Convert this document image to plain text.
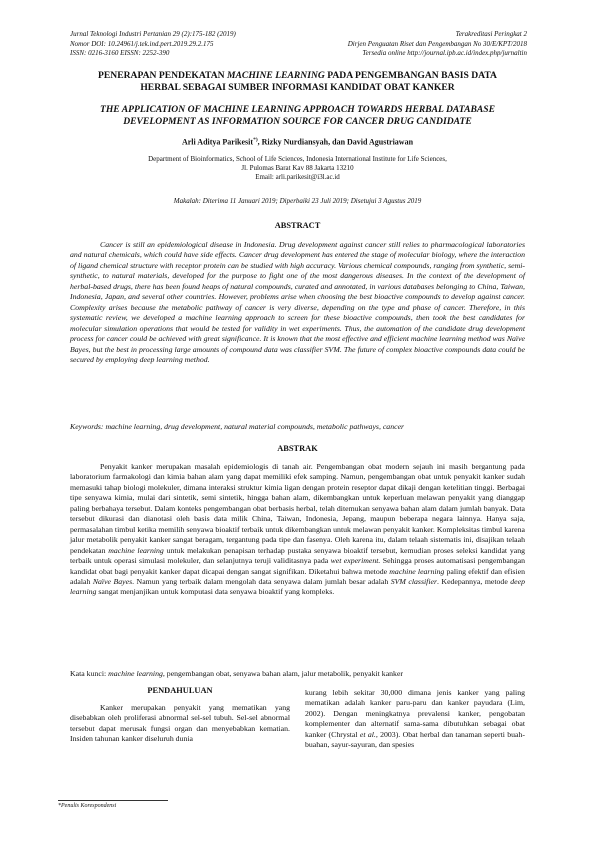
Jurnal Teknologi Industri Pertanian 29 (2):175-182 (2019)
Nomor DOI: 10.24961/j.tek.ind.pert.2019.29.2.175
ISSN: 0216-3160 EISSN: 2252-390
Terakreditasi Peringkat 2
Dirjen Penguatan Riset dan Pengembangan No 30/E/KPT/2018
Tersedia online http://journal.ipb.ac.id/index.php/jurnaltin
PENERAPAN PENDEKATAN MACHINE LEARNING PADA PENGEMBANGAN BASIS DATA
HERBAL SEBAGAI SUMBER INFORMASI KANDIDAT OBAT KANKER
THE APPLICATION OF MACHINE LEARNING APPROACH TOWARDS HERBAL DATABASE
DEVELOPMENT AS INFORMATION SOURCE FOR CANCER DRUG CANDIDATE
Arli Aditya Parikesit*), Rizky Nurdiansyah, dan David Agustriawan
Department of Bioinformatics, School of Life Sciences, Indonesia International Institute for Life Sciences,
Jl. Pulomas Barat Kav 88 Jakarta 13210
Email: arli.parikesit@i3l.ac.id
Makalah: Diterima 11 Januari 2019; Diperbaiki 23 Juli 2019; Disetujui 3 Agustus 2019
ABSTRACT

Cancer is still an epidemiological disease in Indonesia. Drug development against cancer still relies to pharmacological laboratories and natural chemicals, which could have side effects. Cancer drug development has entered the stage of molecular biology, where the interaction of ligand chemical structure with receptor protein can be studied with high accuracy. Various chemical compounds, ranging from synthetic, semi-synthetic, to natural materials, developed for the purpose to fight one of the most dangerous diseases. In the context of the development of herbal-based drugs, there has been found heaps of natural compounds, curated and annotated, in various databases belonging to China, Taiwan, Indonesia, Japan, and several other countries. However, problems arise when choosing the best bioactive compounds to develop against cancer. Complexity arises because the metabolic pathway of cancer is very diverse, depending on the type and phase of cancer. Therefore, in this systematic review, we developed a machine learning approach to screen for these bioactive compounds, then took the best candidates for molecular simulation operations that would be tested for validity in wet experiments. Thus, the automation of the candidate drug development process for cancer could be achieved with great significance. It is known that the most effective and efficient machine learning method was Naïve Bayes, but the best in processing large amounts of compound data was classifier SVM. The future of complex bioactive compounds data could be secured by employing deep learning method.

Keywords: machine learning, drug development, natural material compounds, metabolic pathways, cancer

ABSTRAK

Penyakit kanker merupakan masalah epidemiologis di tanah air. Pengembangan obat modern sejauh ini masih bergantung pada laboratorium farmakologi dan kimia bahan alam yang dapat memiliki efek samping. Namun, pengembangan obat untuk penyakit kanker sudah memasuki tahap biologi molekuler, dimana interaksi struktur kimia ligan dengan protein reseptor dapat dikaji dengan ketelitian tinggi. Berbagai tipe senyawa kimia, mulai dari sintetik, semi sintetik, hingga bahan alam, dikembangkan untuk keperluan melawan penyakit yang dianggap paling berbahaya tersebut. Dalam konteks pengembangan obat berbasis herbal, telah ditemukan senyawa bahan alam dalam jumlah banyak. Data tersebut dikurasi dan dianotasi oleh basis data milik China, Taiwan, Indonesia, Jepang, maupun beberapa negara lainnya. Hanya saja, permasalahan timbul ketika memilih senyawa bioaktif terbaik untuk dikembangkan untuk melawan penyakit kanker. Kompleksitas timbul karena jalur metabolik penyakit kanker sangat beragam, tergantung pada tipe dan fasenya. Oleh karena itu, dalam telaah sistematis ini, disajikan telaah pendekatan machine learning untuk melakukan penapisan terhadap pustaka senyawa bioaktif tersebut, kemudian proses seleksi kandidat yang terbaik untuk operasi simulasi molekuler, dan selanjutnya teruji validitasnya pada wet experiment. Sehingga proses automatisasi pengembangan kandidat obat bagi penyakit kanker dapat dicapai dengan sangat signifikan. Diketahui bahwa metode machine learning paling efektif dan efisien adalah Naïve Bayes. Namun yang terbaik dalam mengolah data senyawa dalam jumlah besar adalah SVM classifier. Kedepannya, metode deep learning sangat menjanjikan untuk komputasi data senyawa bioaktif yang kompleks.

Kata kunci: machine learning, pengembangan obat, senyawa bahan alam, jalur metabolik, penyakit kanker

PENDAHULUAN

Kanker merupakan penyakit yang mematikan yang disebabkan oleh proliferasi abnormal sel-sel tubuh. Sel-sel abnormal tersebut dapat merusak fungsi organ dan menyebabkan kematian. Insiden tahunan kanker diseluruh dunia

kurang lebih sekitar 30,000 dimana jenis kanker yang paling mematikan adalah kanker paru-paru dan kanker payudara (Lim, 2002). Dengan meningkatnya prevalensi kanker, pengobatan komplementer dan alternatif sama-sama dibutuhkan sebagai obat kanker (Chrystal et al., 2003). Obat herbal dan tanaman seperti buah-buahan, sayur-sayuran, dan spesies

*Penulis Korespondensi
